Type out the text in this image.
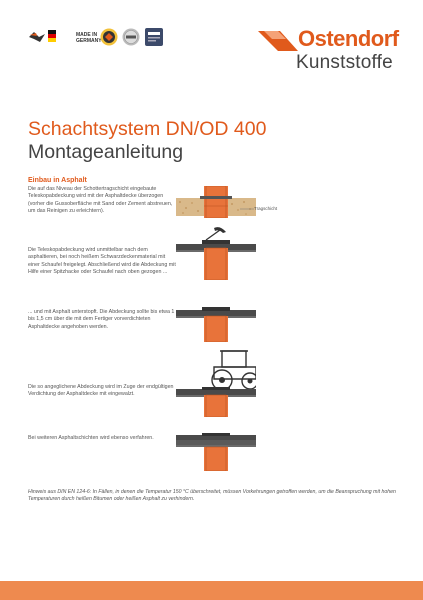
MADE IN GERMANY	Ostendorf
Kunststoffe
Schachtsystem DN/OD 400
Montageanleitung
Einbau in Asphalt
Die auf das Niveau der Schottertragschicht eingebaute Teleskopabdeckung wird mit der Asphaltdecke überzogen (vorher die Gussoberfläche mit Sand oder Zement abstreuen, um das Reinigen zu erleichtern).
Die Teleskopabdeckung wird unmittelbar nach dem asphaltieren, bei noch heißem Schwarzdeckenmaterial mit einer Schaufel freigelegt. Abschließend wird die Abdeckung mit Hilfe einer Spitzhacke oder Schaufel nach oben gezogen ...
... und mit Asphalt unterstopft. Die Abdeckung sollte bis etwa 1 bis 1,5 cm über die mit dem Fertiger vorverdichteten Asphaltdecke angehoben werden.
Die so angeglichene Abdeckung wird im Zuge der endgültigen Verdichtung der Asphaltdecke mit eingewalzt.
Bei weiteren Asphaltschichten wird ebenso verfahren.
Tragschicht
Hinweis aus DIN EN 124-6: In Fällen, in denen die Temperatur 150 °C überschreitet, müssen Vorkehrungen getroffen werden, um die Beanspruchung mit hohen Temperaturen durch heißen Bitumen oder heißen Asphalt zu verhindern.
